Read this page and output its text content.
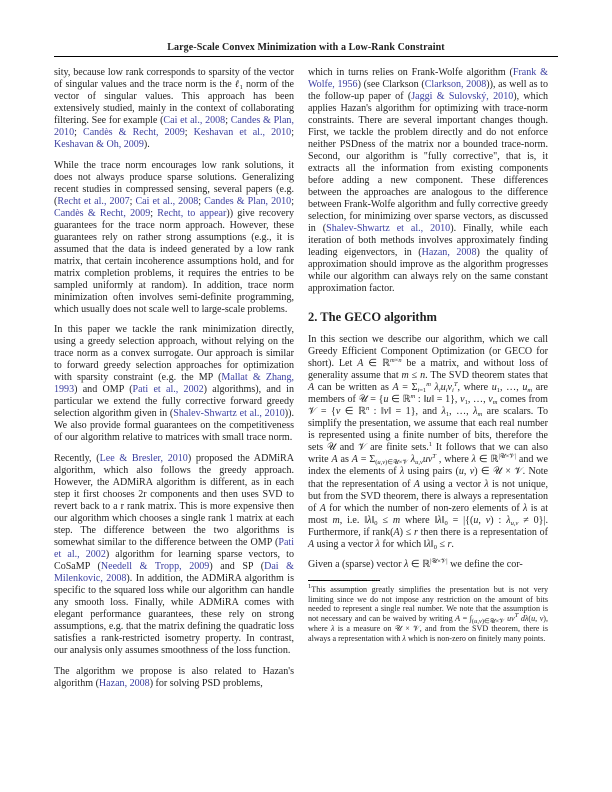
Large-Scale Convex Minimization with a Low-Rank Constraint

sity, because low rank corresponds to sparsity of the vector of singular values and the trace norm is the ℓ$_1$ norm of the vector of singular values. This approach has been extensively studied, mainly in the context of collaborating filtering. See for example (Cai et al., 2008; Candes & Plan, 2010; Candès & Recht, 2009; Keshavan et al., 2010; Keshavan & Oh, 2009).

While the trace norm encourages low rank solutions, it does not always produce sparse solutions. Generalizing recent studies in compressed sensing, several papers (e.g. (Recht et al., 2007; Cai et al., 2008; Candes & Plan, 2010; Candès & Recht, 2009; Recht, to appear)) give recovery guarantees for the trace norm approach. However, these guarantees rely on rather strong assumptions (e.g., it is assumed that the data is indeed generated by a low rank matrix, that certain incoherence assumptions hold, and for matrix completion problems, it requires the entries to be sampled uniformly at random). In addition, trace norm minimization often involves semi-definite programming, which usually does not scale well to large-scale problems.

In this paper we tackle the rank minimization directly, using a greedy selection approach, without relying on the trace norm as a convex surrogate. Our approach is similar to forward greedy selection approaches for optimization with sparsity constraint (e.g. the MP (Mallat & Zhang, 1993) and OMP (Pati et al., 2002) algorithms), and in particular we extend the fully corrective forward greedy selection algorithm given in (Shalev-Shwartz et al., 2010)). We also provide formal guarantees on the competitiveness of our algorithm relative to matrices with small trace norm.

Recently, (Lee & Bresler, 2010) proposed the ADMiRA algorithm, which also follows the greedy approach. However, the ADMiRA algorithm is different, as in each step it first chooses 2r components and then uses SVD to revert back to a r rank matrix. This is more expensive then our algorithm which chooses a single rank 1 matrix at each step. The difference between the two algorithms is somewhat similar to the difference between the OMP (Pati et al., 2002) algorithm for learning sparse vectors, to CoSaMP (Needell & Tropp, 2009) and SP (Dai & Milenkovic, 2008). In addition, the ADMiRA algorithm is specific to the squared loss while our algorithm can handle any smooth loss. Finally, while ADMiRA comes with elegant performance guarantees, these rely on strong assumptions, e.g. that the matrix defining the quadratic loss satisfies a rank-restricted isometry property. In contrast, our analysis only assumes smoothness of the loss function.

The algorithm we propose is also related to Hazan's algorithm (Hazan, 2008) for solving PSD problems,

which in turns relies on Frank-Wolfe algorithm (Frank & Wolfe, 1956) (see Clarkson (Clarkson, 2008)), as well as to the follow-up paper of (Jaggi & Sulovský, 2010), which applies Hazan's algorithm for optimizing with trace-norm constraints. There are several important changes though. First, we tackle the problem directly and do not enforce neither PSDness of the matrix nor a bounded trace-norm. Second, our algorithm is "fully corrective", that is, it extracts all the information from existing components before adding a new component. These differences between the approaches are analogous to the difference between Frank-Wolfe algorithm and fully corrective greedy selection, for minimizing over sparse vectors, as discussed in (Shalev-Shwartz et al., 2010). Finally, while each iteration of both methods involves approximately finding leading eigenvectors, in (Hazan, 2008) the quality of approximation should improve as the algorithm progresses while our algorithm can always rely on the same constant approximation factor.

2. The GECO algorithm

In this section we describe our algorithm, which we call Greedy Efficient Component Optimization (or GECO for short). Let A ∈ ℝ$^{m\times n}$ be a matrix, and without loss of generality assume that m ≤ n. The SVD theorem states that A can be written as $A = \Sigma_{i=1}^m$ $\lambda_iu_iv_i^T$, where $u_1$, …, $u_m$ are members of 𝒰 = {u ∈ ℝ$^m$ : ‖u‖ = 1}, $v_1$, …, $v_m$ comes from 𝒱 = {v ∈ ℝ$^n$ : ‖v‖ = 1}, and $\lambda_1$, …, $\lambda_m$ are scalars. To simplify the presentation, we assume that each real number is represented using a finite number of bits, therefore the sets 𝒰 and 𝒱 are finite sets.$^1$ It follows that we can also write A as $A = \Sigma_{(u,v)\in 𝒰\times 𝒱}$ $\lambda_{u,v}uv^T$ , where λ ∈ ℝ$^{|𝒰\times 𝒱|}$ and we index the elements of λ using pairs (u, v) ∈ 𝒰 × 𝒱. Note that the representation of A using a vector λ is not unique, but from the SVD theorem, there is always a representation of A for which the number of non-zero elements of λ is at most m, i.e. $‖\lambda‖_0 \le m$ where $‖\lambda‖_0 = |\{(u$, v) : $\lambda_{u,v} \ne 0\}|$. Furthermore, if rank(A) ≤ r then there is a representation of A using a vector λ for which $‖\lambda‖_0 \le r$.

Given a (sparse) vector λ ∈ ℝ$^{|𝒰\times 𝒱|}$ we define the cor-

$^1$This assumption greatly simplifies the presentation but is not very limiting since we do not impose any restriction on the amount of bits needed to represent a single real number. We note that the assumption is not necessary and can be waived by writing $A = \int_{(u,v)\in 𝒰\times 𝒱}$ $uv^T$ dλ(u, v), where λ is a measure on 𝒰 × 𝒱, and from the SVD theorem, there is always a representation with λ which is non-zero on finitely many points.
